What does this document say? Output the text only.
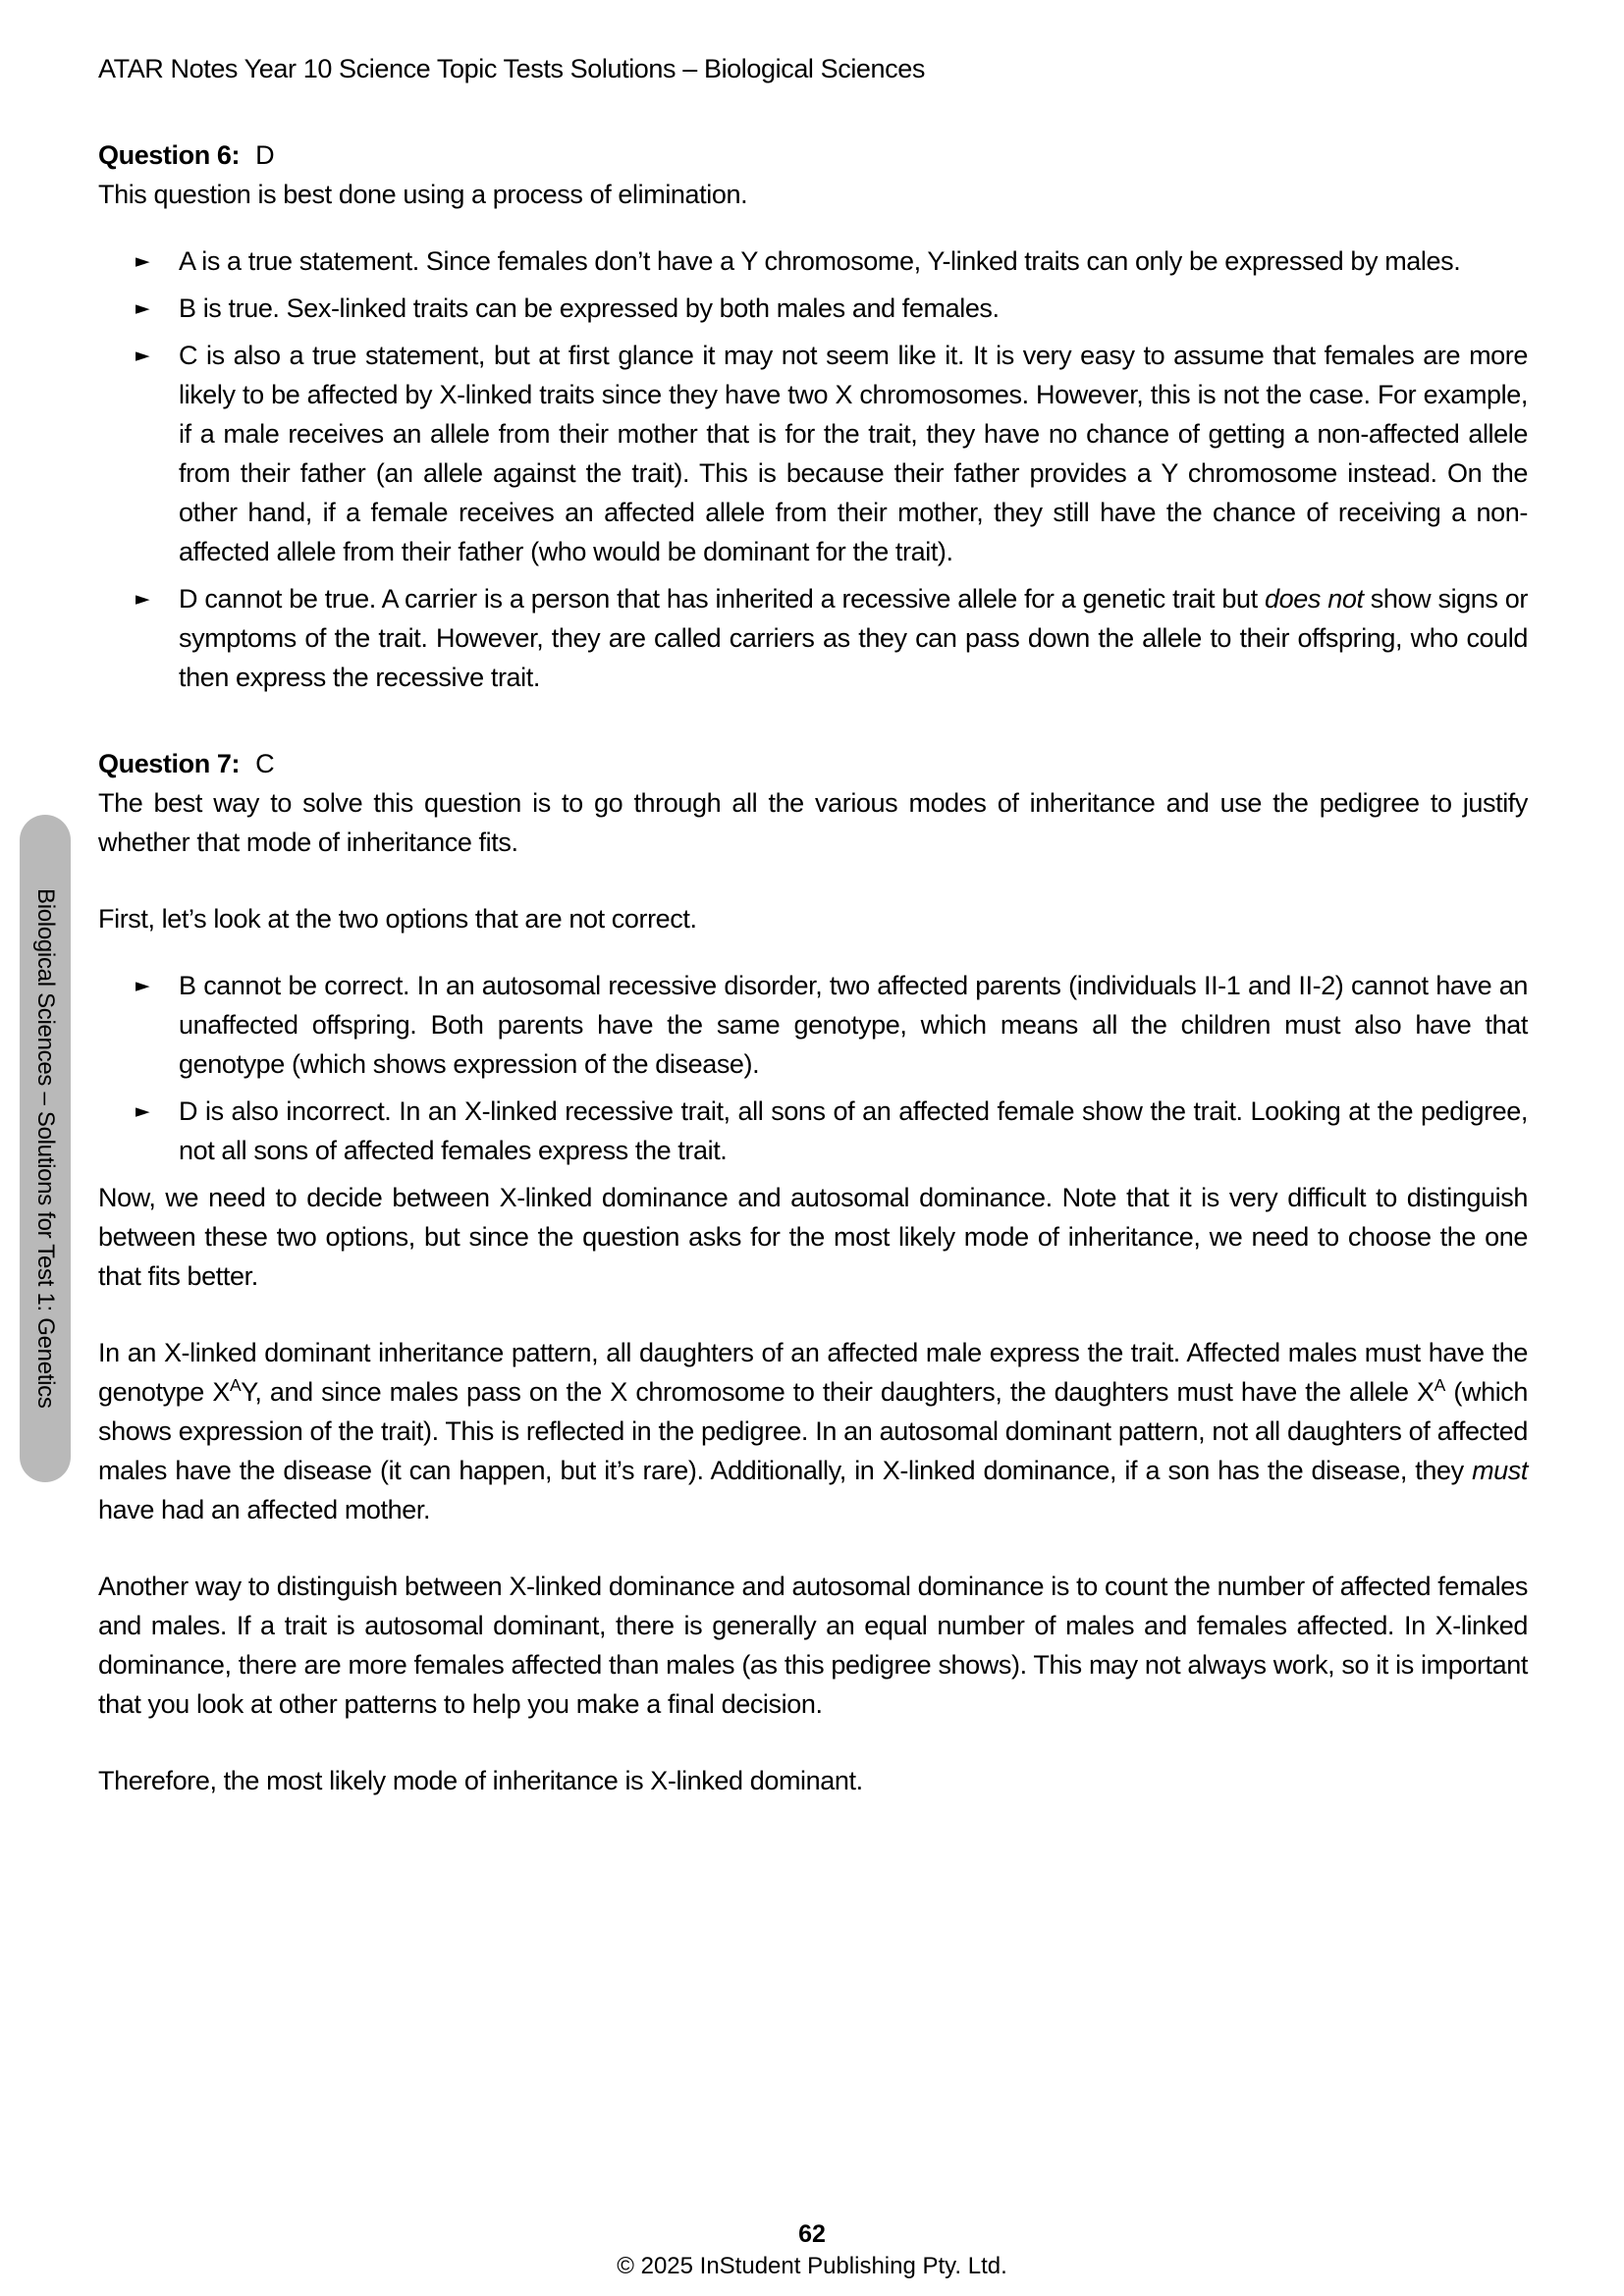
ATAR Notes Year 10 Science Topic Tests Solutions – Biological Sciences

Question 6: D

This question is best done using a process of elimination.

►	A is a true statement. Since females don’t have a Y chromosome, Y-linked traits can only be expressed by males.
►	B is true. Sex-linked traits can be expressed by both males and females.
►	C is also a true statement, but at first glance it may not seem like it. It is very easy to assume that females are more likely to be affected by X-linked traits since they have two X chromosomes. However, this is not the case. For example, if a male receives an allele from their mother that is for the trait, they have no chance of getting a non-affected allele from their father (an allele against the trait). This is because their father provides a Y chromosome instead. On the other hand, if a female receives an affected allele from their mother, they still have the chance of receiving a non-affected allele from their father (who would be dominant for the trait).
►	D cannot be true. A carrier is a person that has inherited a recessive allele for a genetic trait but does not show signs or symptoms of the trait. However, they are called carriers as they can pass down the allele to their offspring, who could then express the recessive trait.

Question 7: C

The best way to solve this question is to go through all the various modes of inheritance and use the pedigree to justify whether that mode of inheritance fits.

First, let’s look at the two options that are not correct.

►	B cannot be correct. In an autosomal recessive disorder, two affected parents (individuals II-1 and II-2) cannot have an unaffected offspring. Both parents have the same genotype, which means all the children must also have that genotype (which shows expression of the disease).
►	D is also incorrect. In an X-linked recessive trait, all sons of an affected female show the trait. Looking at the pedigree, not all sons of affected females express the trait.

Now, we need to decide between X-linked dominance and autosomal dominance. Note that it is very difficult to distinguish between these two options, but since the question asks for the most likely mode of inheritance, we need to choose the one that fits better.

In an X-linked dominant inheritance pattern, all daughters of an affected male express the trait. Affected males must have the genotype $X^AY$, and since males pass on the X chromosome to their daughters, the daughters must have the allele $X^A$ (which shows expression of the trait). This is reflected in the pedigree. In an autosomal dominant pattern, not all daughters of affected males have the disease (it can happen, but it’s rare). Additionally, in X-linked dominance, if a son has the disease, they must have had an affected mother.

Another way to distinguish between X-linked dominance and autosomal dominance is to count the number of affected females and males. If a trait is autosomal dominant, there is generally an equal number of males and females affected. In X-linked dominance, there are more females affected than males (as this pedigree shows). This may not always work, so it is important that you look at other patterns to help you make a final decision.

Therefore, the most likely mode of inheritance is X-linked dominant.

Biological Sciences – Solutions for Test 1: Genetics
62
© 2025 InStudent Publishing Pty. Ltd.
